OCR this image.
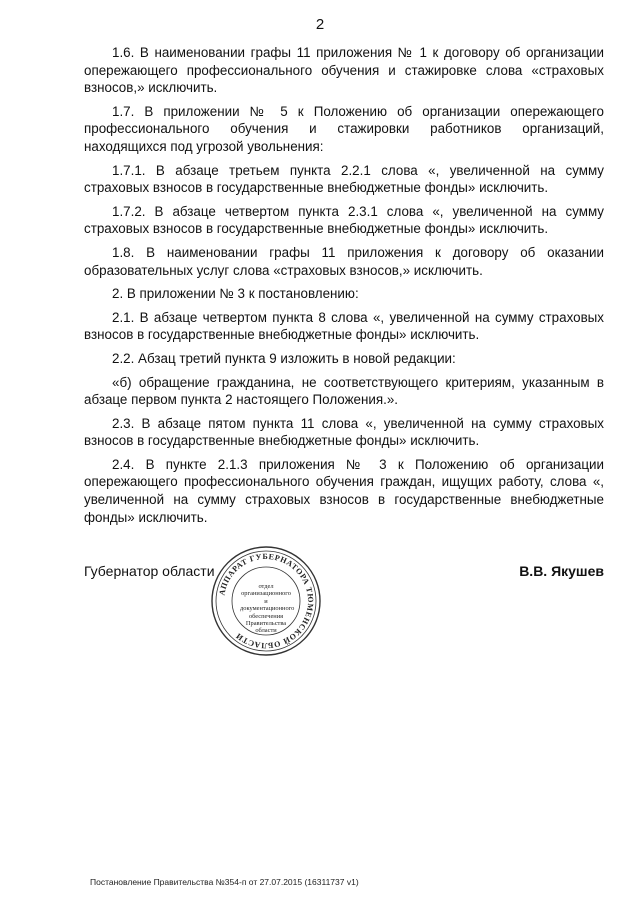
2

1.6. В наименовании графы 11 приложения № 1 к договору об организации опережающего профессионального обучения и стажировке слова «страховых взносов,» исключить.

1.7. В приложении № 5 к Положению об организации опережающего профессионального обучения и стажировки работников организаций, находящихся под угрозой увольнения:

1.7.1. В абзаце третьем пункта 2.2.1 слова «, увеличенной на сумму страховых взносов в государственные внебюджетные фонды» исключить.

1.7.2. В абзаце четвертом пункта 2.3.1 слова «, увеличенной на сумму страховых взносов в государственные внебюджетные фонды» исключить.

1.8. В наименовании графы 11 приложения к договору об оказании образовательных услуг слова «страховых взносов,» исключить.

2. В приложении № 3 к постановлению:

2.1. В абзаце четвертом пункта 8 слова «, увеличенной на сумму страховых взносов в государственные внебюджетные фонды» исключить.

2.2. Абзац третий пункта 9 изложить в новой редакции:

«б) обращение гражданина, не соответствующего критериям, указанным в абзаце первом пункта 2 настоящего Положения.».

2.3. В абзаце пятом пункта 11 слова «, увеличенной на сумму страховых взносов в государственные внебюджетные фонды» исключить.

2.4. В пункте 2.1.3 приложения № 3 к Положению об организации опережающего профессионального обучения граждан, ищущих работу, слова «, увеличенной на сумму страховых взносов в государственные внебюджетные фонды» исключить.

Губернатор области	В.В. Якушев
АППАРАТ ГУБЕРНАТОРА ТЮМЕНСКОЙ ОБЛАСТИ
отдел
организационного
и
документационного
обеспечения
Правительства
области
Постановление Правительства №354-п от 27.07.2015 (16311737 v1)
